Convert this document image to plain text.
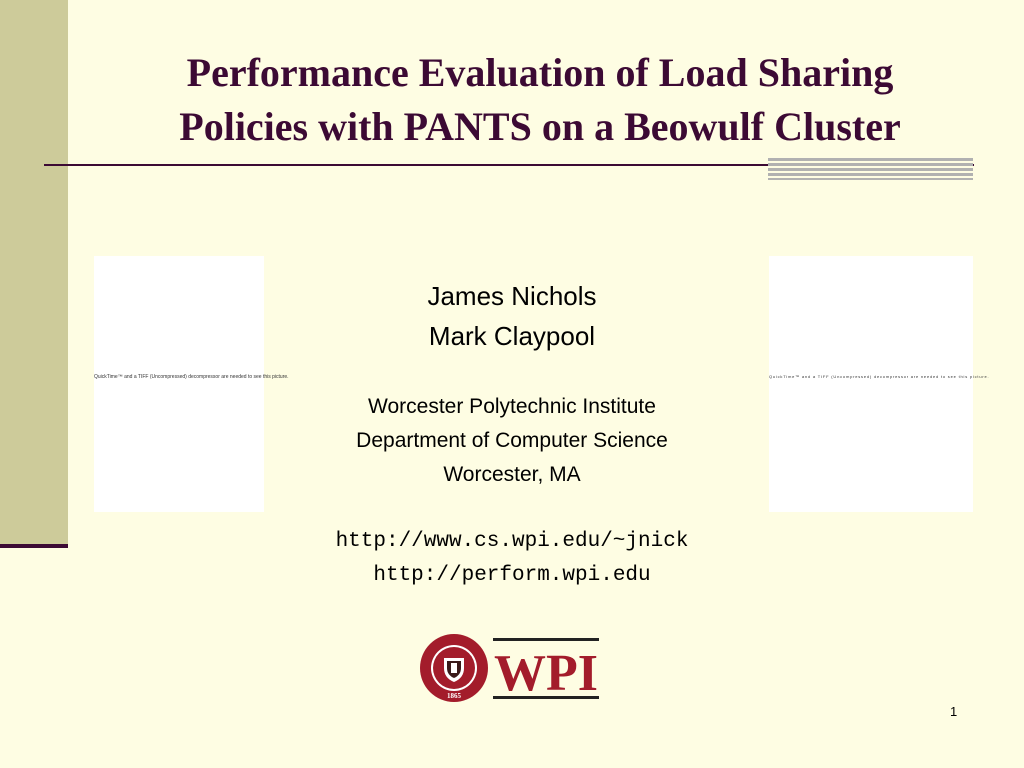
Performance Evaluation of Load Sharing
Policies with PANTS on a Beowulf Cluster
QuickTime™ and a TIFF (Uncompressed) decompressor are needed to see this picture.	QuickTime™ and a TIFF (Uncompressed) decompressor are needed to see this picture.
James Nichols
Mark Claypool
Worcester Polytechnic Institute
Department of Computer Science
Worcester, MA
http://www.cs.wpi.edu/~jnick
http://perform.wpi.edu
1865 WPI
1
